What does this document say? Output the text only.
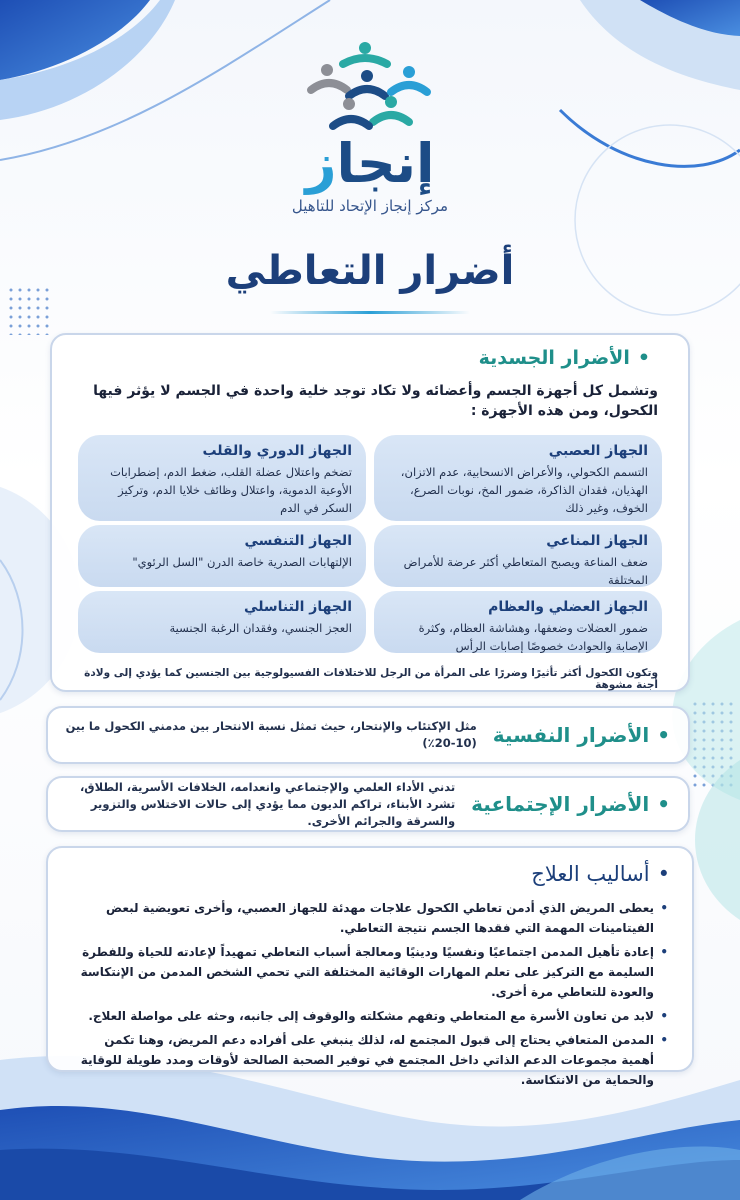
إنجاز
مركز إنجاز الإتحاد للتاهيل
أضرار التعاطي
•
الأضرار الجسدية
وتشمل كل أجهزة الجسم وأعضائه ولا تكاد توجد خلية واحدة في الجسم لا يؤثر فيها الكحول، ومن هذه الأجهزة :
الجهاز العصبي
التسمم الكحولي، والأعراض الانسحابية، عدم الاتزان، الهذيان، فقدان الذاكرة، ضمور المخ، نوبات الصرع، الخوف، وغير ذلك
الجهاز الدوري والقلب
تضخم واعتلال عضلة القلب، ضغط الدم، إضطرابات الأوعية الدموية، واعتلال وظائف خلايا الدم، وتركيز السكر في الدم
الجهاز المناعي
ضعف المناعة ويصبح المتعاطي أكثر عرضة للأمراض المختلفة
الجهاز التنفسي
الإلتهابات الصدرية خاصة الدرن "السل الرئوي"
الجهاز العضلي والعظام
ضمور العضلات وضعفها، وهشاشة العظام، وكثرة الإصابة والحوادث خصوصًا إصابات الرأس
الجهاز التناسلي
العجز الجنسي، وفقدان الرغبة الجنسية
وتكون الكحول أكثر تأثيرًا وضررًا على المرأة من الرجل للاختلافات الفسيولوجية بين الجنسين كما يؤدي إلى ولادة أجنة مشوهة
•
الأضرار النفسية
مثل الإكتئاب والإنتحار، حيث تمثل نسبة الانتحار بين مدمني الكحول ما بين (10-20٪)
•
الأضرار الإجتماعية
تدني الأداء العلمي والإجتماعي وانعدامه، الخلافات الأسرية، الطلاق، تشرد الأبناء، تراكم الديون مما يؤدي إلى حالات الاختلاس والتزوير والسرقة والجرائم الأخرى.
•
أساليب العلاج
• يعطى المريض الذي أدمن تعاطي الكحول علاجات مهدئة للجهاز العصبي، وأخرى تعويضية لبعض الفيتامينات المهمة التي فقدها الجسم نتيجة التعاطي.
• إعادة تأهيل المدمن اجتماعيًا ونفسيًا ودينيًا ومعالجة أسباب التعاطي تمهيداً لإعادته للحياة وللفطرة السليمة مع التركيز على تعلم المهارات الوقائية المختلفة التي تحمي الشخص المدمن من الإنتكاسة والعودة للتعاطي مرة أخرى.
• لابد من تعاون الأسرة مع المتعاطي وتفهم مشكلته والوقوف إلى جانبه، وحثه على مواصلة العلاج.
• المدمن المتعافي يحتاج إلى قبول المجتمع له، لذلك ينبغي على أفراده دعم المريض، وهنا تكمن أهمية مجموعات الدعم الذاتي داخل المجتمع في توفير الصحبة الصالحة لأوقات ومدد طويلة للوقاية والحماية من الانتكاسة.
